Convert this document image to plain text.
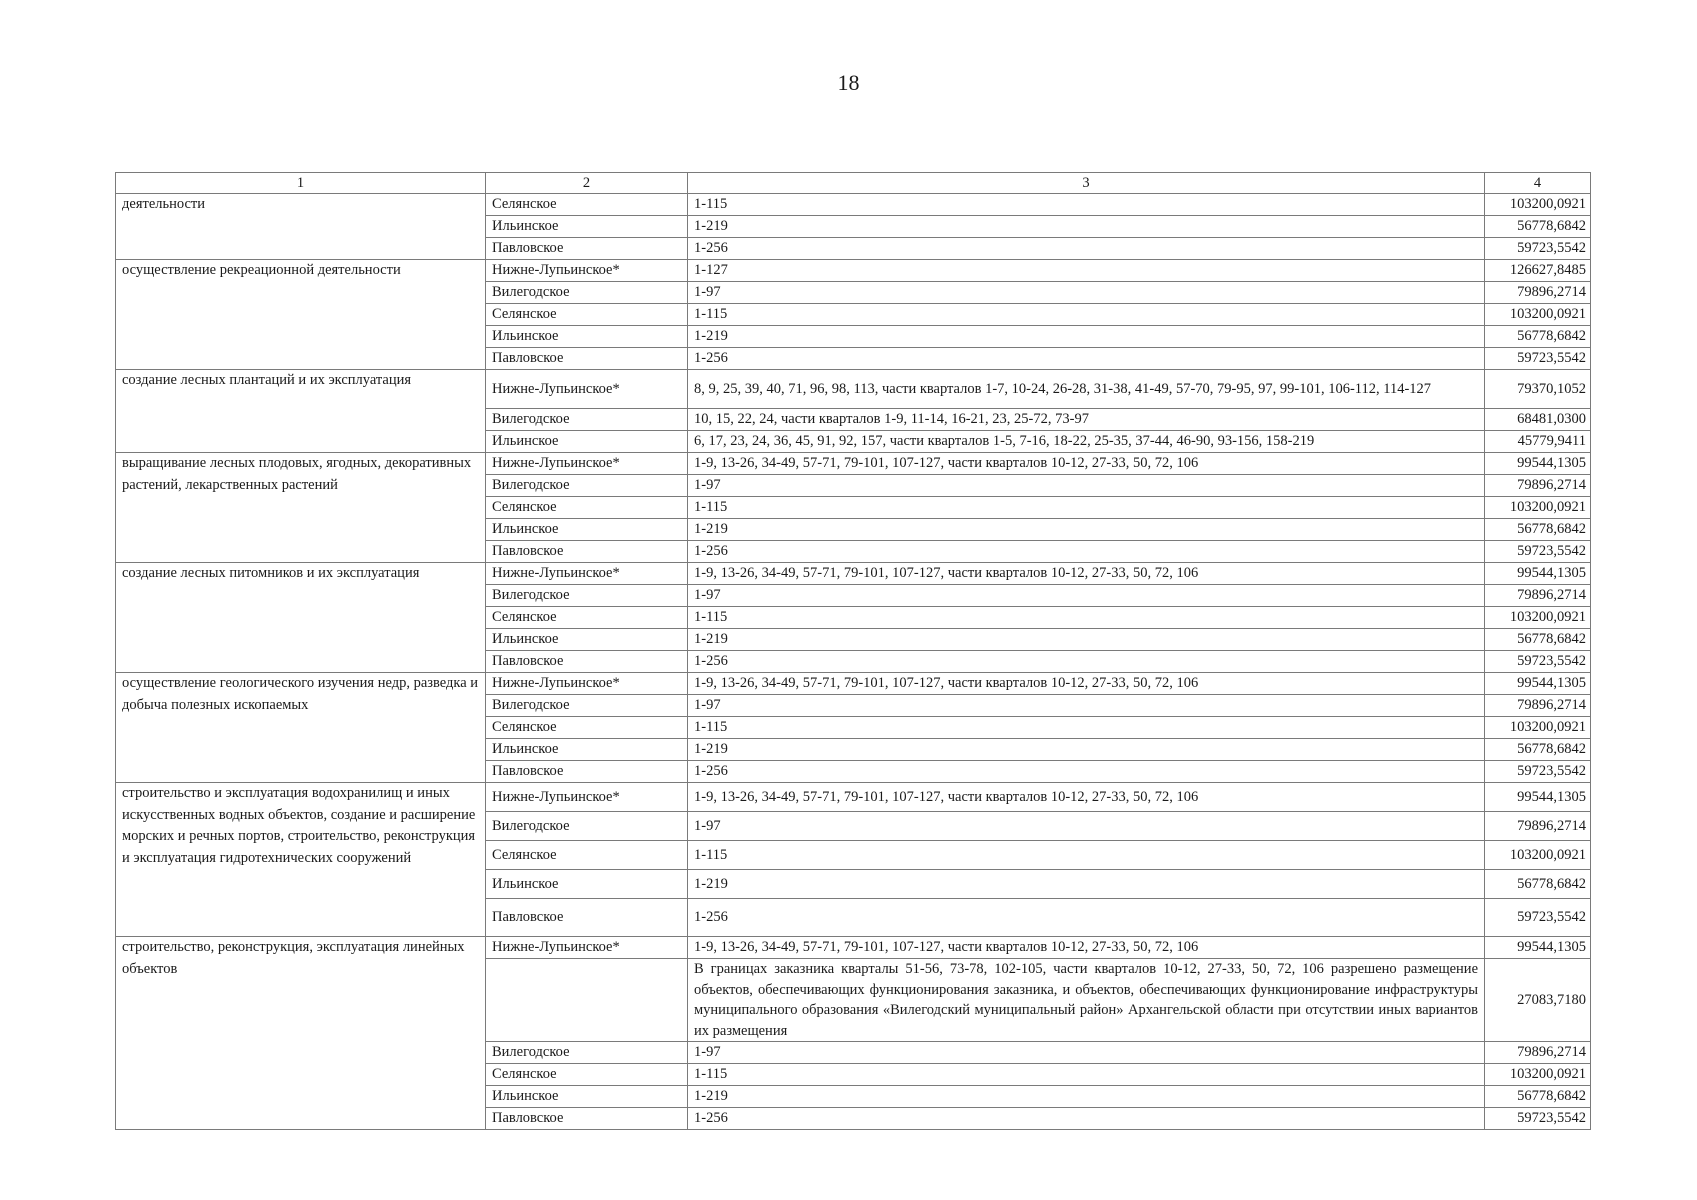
18
1	2	3	4
деятельности	Селянское	1-115	103200,0921
	Ильинское	1-219	56778,6842
	Павловское	1-256	59723,5542
осуществление рекреационной деятельности	Нижне-Лупьинское*	1-127	126627,8485
	Вилегодское	1-97	79896,2714
	Селянское	1-115	103200,0921
	Ильинское	1-219	56778,6842
	Павловское	1-256	59723,5542
создание лесных плантаций и их эксплуатация	Нижне-Лупьинское*	8, 9, 25, 39, 40, 71, 96, 98, 113, части кварталов 1-7, 10-24, 26-28, 31-38, 41-49, 57-70, 79-95, 97, 99-101, 106-112, 114-127	79370,1052
	Вилегодское	10, 15, 22, 24, части кварталов 1-9, 11-14, 16-21, 23, 25-72, 73-97	68481,0300
	Ильинское	6, 17, 23, 24, 36, 45, 91, 92, 157, части кварталов 1-5, 7-16, 18-22, 25-35, 37-44, 46-90, 93-156, 158-219	45779,9411
выращивание лесных плодовых, ягодных, декоративных растений, лекарственных растений	Нижне-Лупьинское*	1-9, 13-26, 34-49, 57-71, 79-101, 107-127, части кварталов 10-12, 27-33, 50, 72, 106	99544,1305
	Вилегодское	1-97	79896,2714
	Селянское	1-115	103200,0921
	Ильинское	1-219	56778,6842
	Павловское	1-256	59723,5542
создание лесных питомников и их эксплуатация	Нижне-Лупьинское*	1-9, 13-26, 34-49, 57-71, 79-101, 107-127, части кварталов 10-12, 27-33, 50, 72, 106	99544,1305
	Вилегодское	1-97	79896,2714
	Селянское	1-115	103200,0921
	Ильинское	1-219	56778,6842
	Павловское	1-256	59723,5542
осуществление геологического изучения недр, разведка и добыча полезных ископаемых	Нижне-Лупьинское*	1-9, 13-26, 34-49, 57-71, 79-101, 107-127, части кварталов 10-12, 27-33, 50, 72, 106	99544,1305
	Вилегодское	1-97	79896,2714
	Селянское	1-115	103200,0921
	Ильинское	1-219	56778,6842
	Павловское	1-256	59723,5542
строительство и эксплуатация водохранилищ и иных искусственных водных объектов, создание и расширение морских и речных портов, строительство, реконструкция и эксплуатация гидротехнических сооружений	Нижне-Лупьинское*	1-9, 13-26, 34-49, 57-71, 79-101, 107-127, части кварталов 10-12, 27-33, 50, 72, 106	99544,1305
	Вилегодское	1-97	79896,2714
	Селянское	1-115	103200,0921
	Ильинское	1-219	56778,6842
	Павловское	1-256	59723,5542
строительство, реконструкция, эксплуатация линейных объектов	Нижне-Лупьинское*	1-9, 13-26, 34-49, 57-71, 79-101, 107-127, части кварталов 10-12, 27-33, 50, 72, 106	99544,1305
		В границах заказника кварталы 51-56, 73-78, 102-105, части кварталов 10-12, 27-33, 50, 72, 106 разрешено размещение объектов, обеспечивающих функционирования заказника, и объектов, обеспечивающих функционирование инфраструктуры муниципального образования «Вилегодский муниципальный район» Архангельской области при отсутствии иных вариантов их размещения	27083,7180
	Вилегодское	1-97	79896,2714
	Селянское	1-115	103200,0921
	Ильинское	1-219	56778,6842
	Павловское	1-256	59723,5542
